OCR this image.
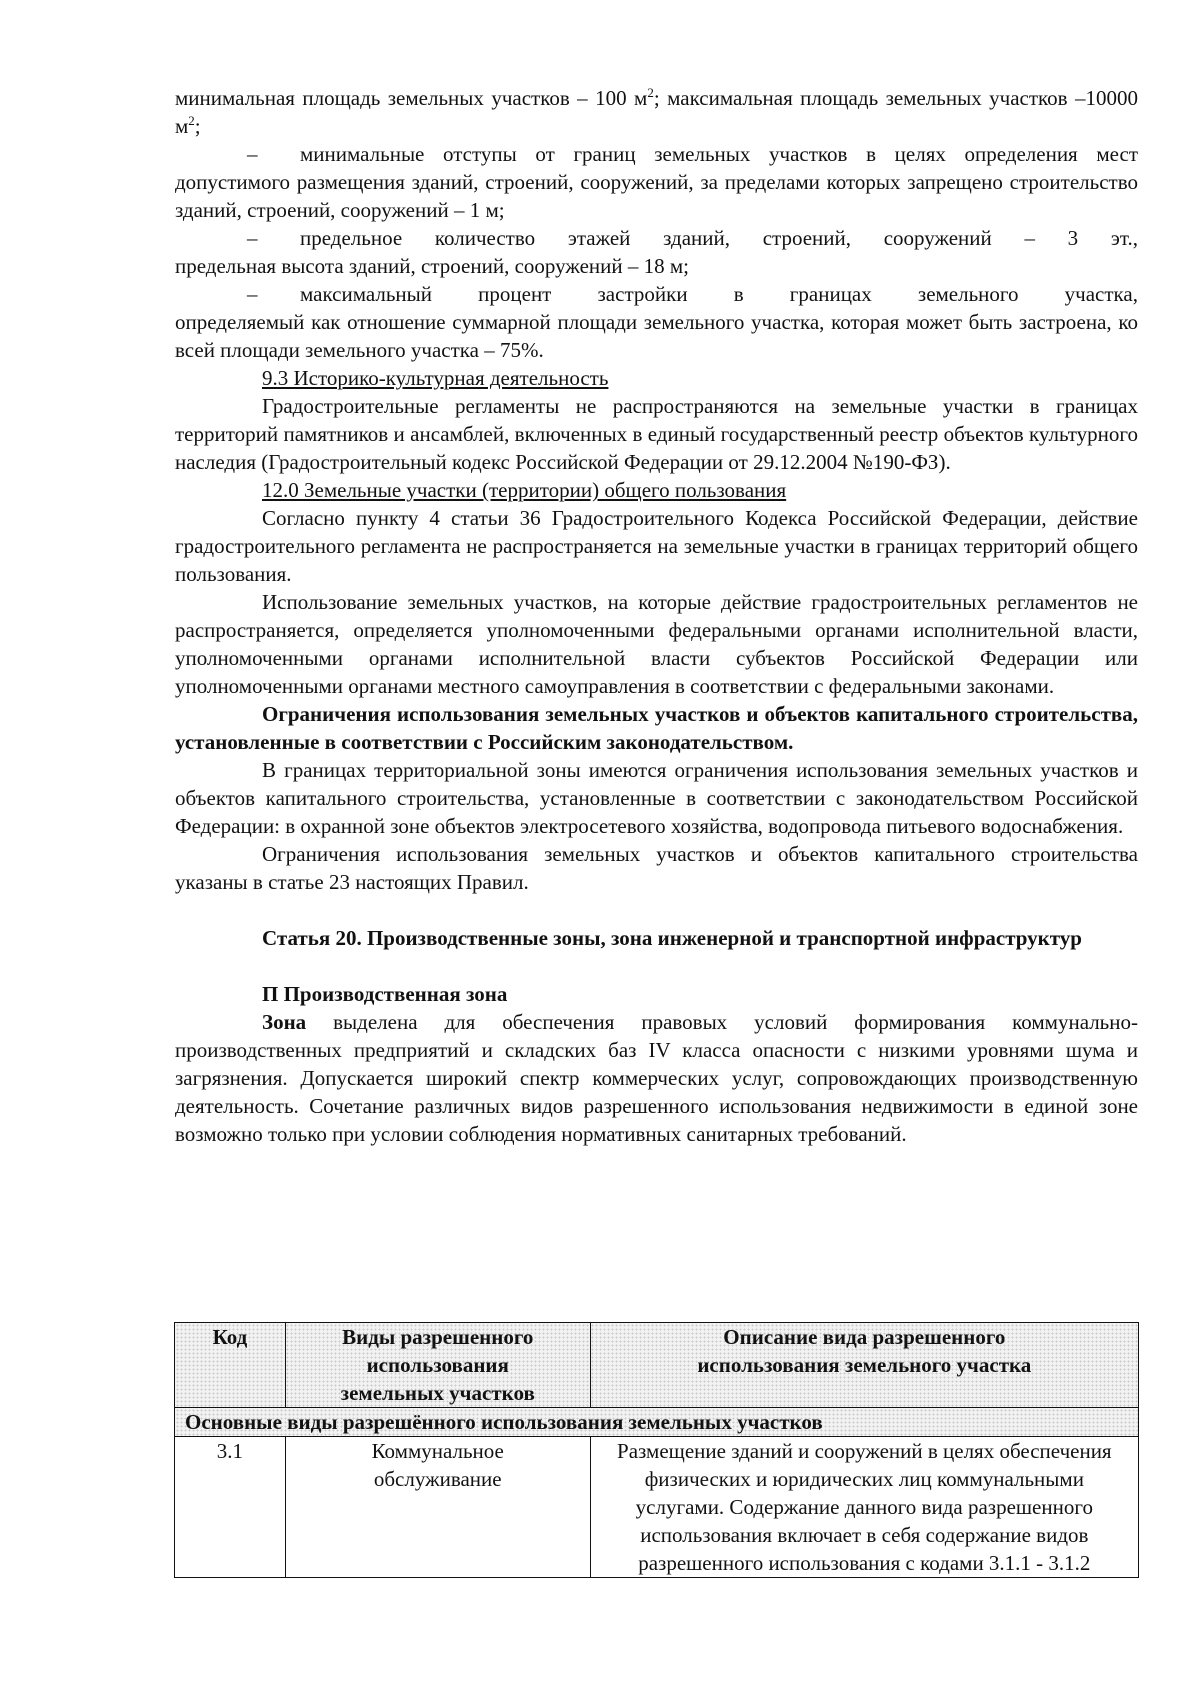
минимальная площадь земельных участков – 100 $м^2$; максимальная площадь земельных участков –10000 $м^2$;

–	минимальные отступы от границ земельных участков в целях определения мест

допустимого размещения зданий, строений, сооружений, за пределами которых запрещено строительство зданий, строений, сооружений – 1 м;

–	предельное количество этажей зданий, строений, сооружений – 3 эт.,

предельная высота зданий, строений, сооружений – 18 м;

–	максимальный процент застройки в границах земельного участка,

определяемый как отношение суммарной площади земельного участка, которая может быть застроена, ко всей площади земельного участка – 75%.

9.3 Историко-культурная деятельность

Градостроительные регламенты не распространяются на земельные участки в границах территорий памятников и ансамблей, включенных в единый государственный реестр объектов культурного наследия (Градостроительный кодекс Российской Федерации от 29.12.2004 №190-ФЗ).

12.0 Земельные участки (территории) общего пользования

Согласно пункту 4 статьи 36 Градостроительного Кодекса Российской Федерации, действие градостроительного регламента не распространяется на земельные участки в границах территорий общего пользования.

Использование земельных участков, на которые действие градостроительных регламентов не распространяется, определяется уполномоченными федеральными органами исполнительной власти, уполномоченными органами исполнительной власти субъектов Российской Федерации или уполномоченными органами местного самоуправления в соответствии с федеральными законами.

Ограничения использования земельных участков и объектов капитального строительства, установленные в соответствии с Российским законодательством.

В границах территориальной зоны имеются ограничения использования земельных участков и объектов капитального строительства, установленные в соответствии с законодательством Российской Федерации: в охранной зоне объектов электросетевого хозяйства, водопровода питьевого водоснабжения.

Ограничения использования земельных участков и объектов капитального строительства указаны в статье 23 настоящих Правил.

Статья 20. Производственные зоны, зона инженерной и транспортной инфраструктур

П Производственная зона

Зона выделена для обеспечения правовых условий формирования коммунально-производственных предприятий и складских баз IV класса опасности с низкими уровнями шума и загрязнения. Допускается широкий спектр коммерческих услуг, сопровождающих производственную деятельность. Сочетание различных видов разрешенного использования недвижимости в единой зоне возможно только при условии соблюдения нормативных санитарных требований.

Код	Виды разрешенного использования земельных участков	Описание вида разрешенного использования земельного участка
Основные виды разрешённого использования земельных участков		
3.1	Коммунальное обслуживание	Размещение зданий и сооружений в целях обеспечения физических и юридических лиц коммунальными услугами. Содержание данного вида разрешенного использования включает в себя содержание видов разрешенного использования с кодами 3.1.1 - 3.1.2
